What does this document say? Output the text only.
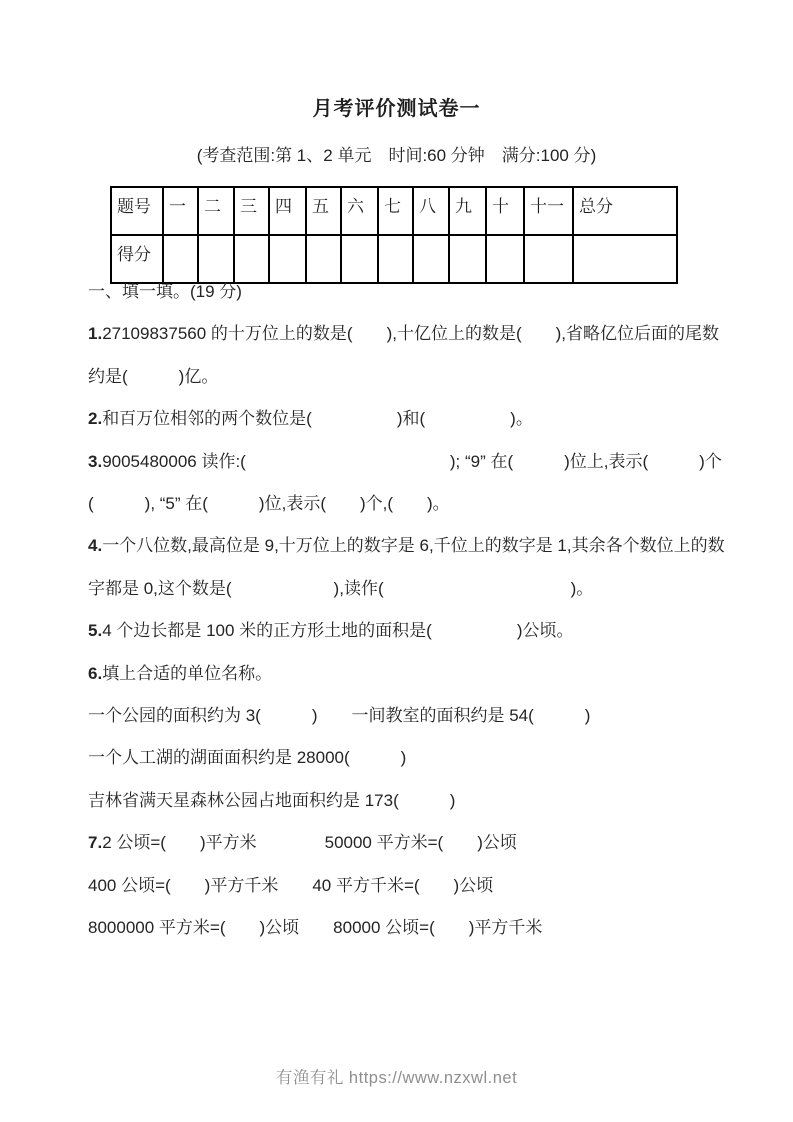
月考评价测试卷一
(考查范围:第 1、2 单元　时间:60 分钟　满分:100 分)
题号	一	二	三	四	五	六	七	八	九	十	十一	总分
得分												

一、填一填。(19 分)

1.27109837560 的十万位上的数是(　　),十亿位上的数是(　　),省略亿位后面的尾数

约是(　　　)亿。

2.和百万位相邻的两个数位是(　　　　　)和(　　　　　)。

3.9005480006 读作:(　　　　　　　　　　　　); “9” 在(　　　)位上,表示(　　　)个

(　　　), “5” 在(　　　)位,表示(　　)个,(　　)。

4.一个八位数,最高位是 9,十万位上的数字是 6,千位上的数字是 1,其余各个数位上的数

字都是 0,这个数是(　　　　　　),读作(　　　　　　　　　　　)。

5.4 个边长都是 100 米的正方形土地的面积是(　　　　　)公顷。

6.填上合适的单位名称。

一个公园的面积约为 3(　　　)　　一间教室的面积约是 54(　　　)

一个人工湖的湖面面积约是 28000(　　　)

吉林省满天星森林公园占地面积约是 173(　　　)

7.2 公顷=(　　)平方米　　　　50000 平方米=(　　)公顷

400 公顷=(　　)平方千米　　40 平方千米=(　　)公顷

8000000 平方米=(　　)公顷　　80000 公顷=(　　)平方千米

有渔有礼 https://www.nzxwl.net
